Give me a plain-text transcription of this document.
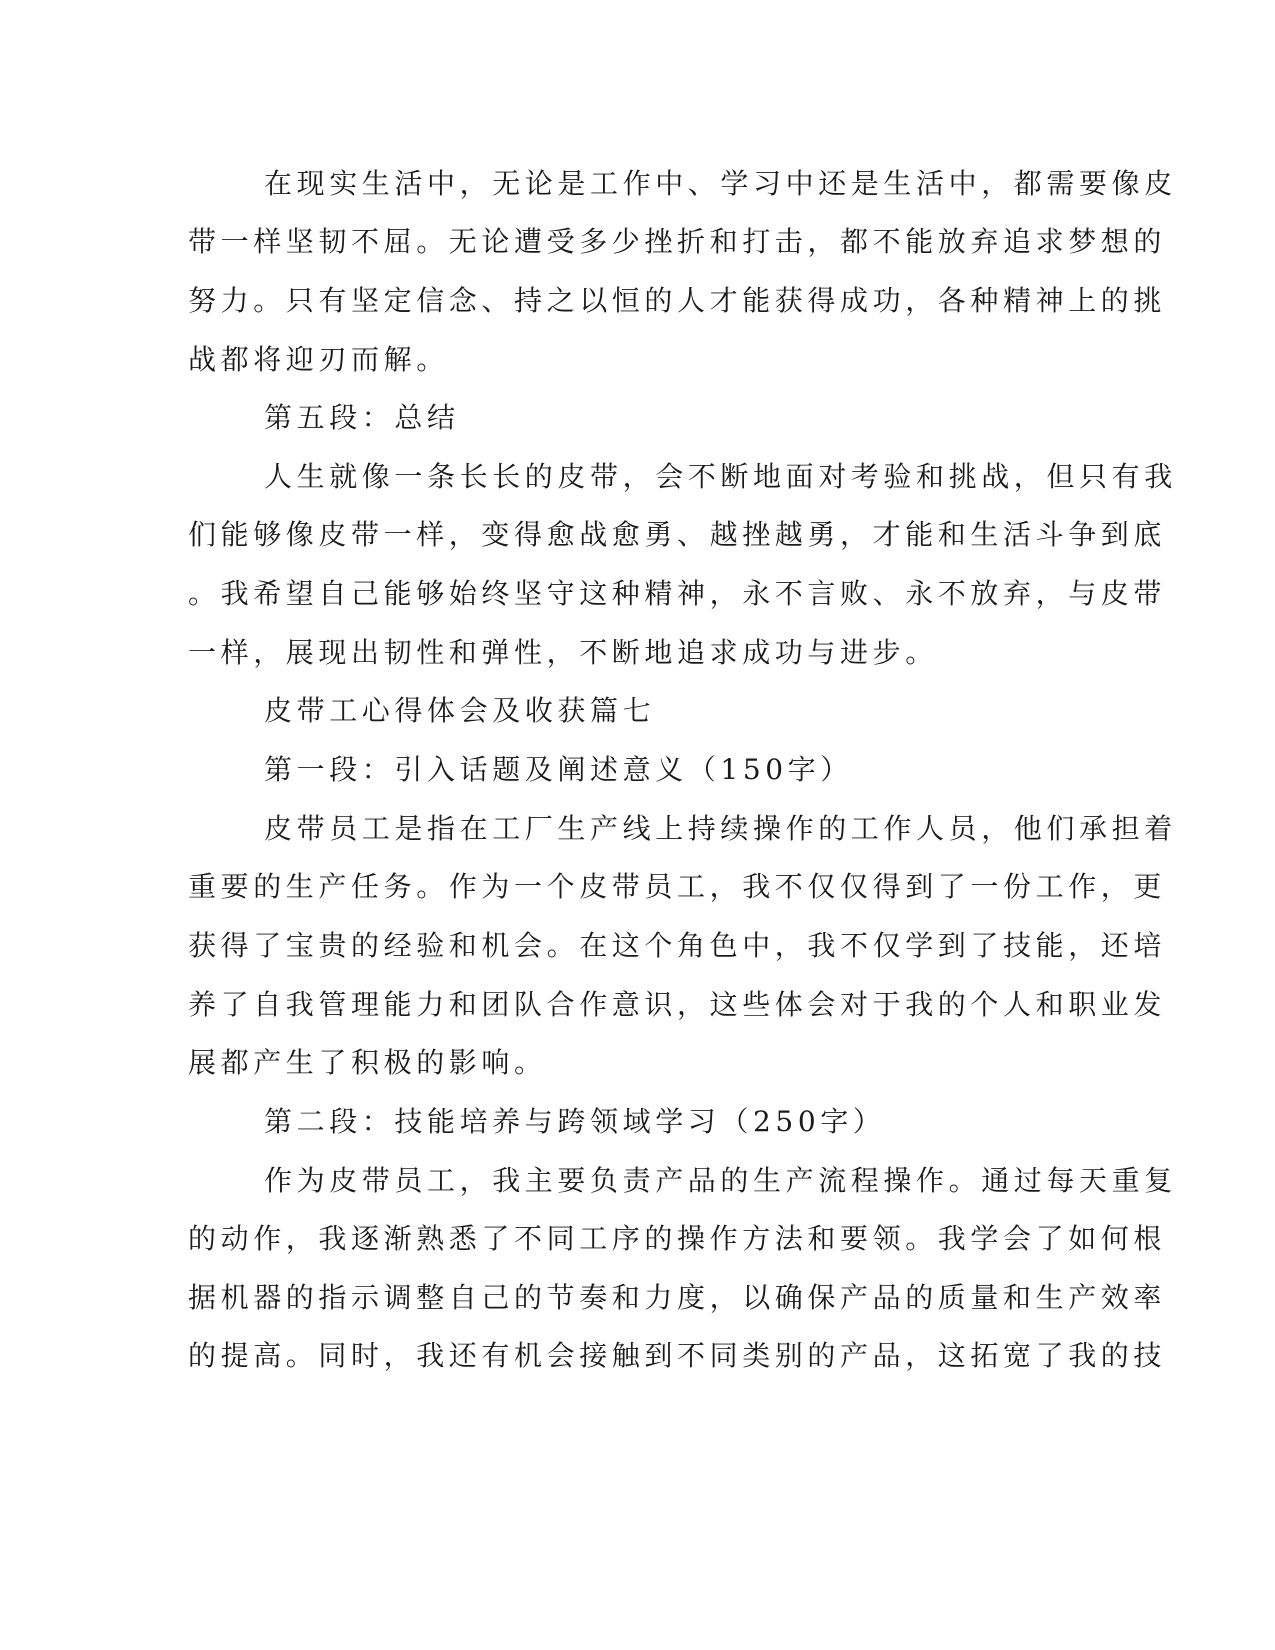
在现实生活中，无论是工作中、学习中还是生活中，都需要像皮
带一样坚韧不屈。无论遭受多少挫折和打击，都不能放弃追求梦想的
努力。只有坚定信念、持之以恒的人才能获得成功，各种精神上的挑
战都将迎刃而解。
第五段：总结
人生就像一条长长的皮带，会不断地面对考验和挑战，但只有我
们能够像皮带一样，变得愈战愈勇、越挫越勇，才能和生活斗争到底
。我希望自己能够始终坚守这种精神，永不言败、永不放弃，与皮带
一样，展现出韧性和弹性，不断地追求成功与进步。
皮带工心得体会及收获篇七
第一段：引入话题及阐述意义（150字）
皮带员工是指在工厂生产线上持续操作的工作人员，他们承担着
重要的生产任务。作为一个皮带员工，我不仅仅得到了一份工作，更
获得了宝贵的经验和机会。在这个角色中，我不仅学到了技能，还培
养了自我管理能力和团队合作意识，这些体会对于我的个人和职业发
展都产生了积极的影响。
第二段：技能培养与跨领域学习（250字）
作为皮带员工，我主要负责产品的生产流程操作。通过每天重复
的动作，我逐渐熟悉了不同工序的操作方法和要领。我学会了如何根
据机器的指示调整自己的节奏和力度，以确保产品的质量和生产效率
的提高。同时，我还有机会接触到不同类别的产品，这拓宽了我的技
